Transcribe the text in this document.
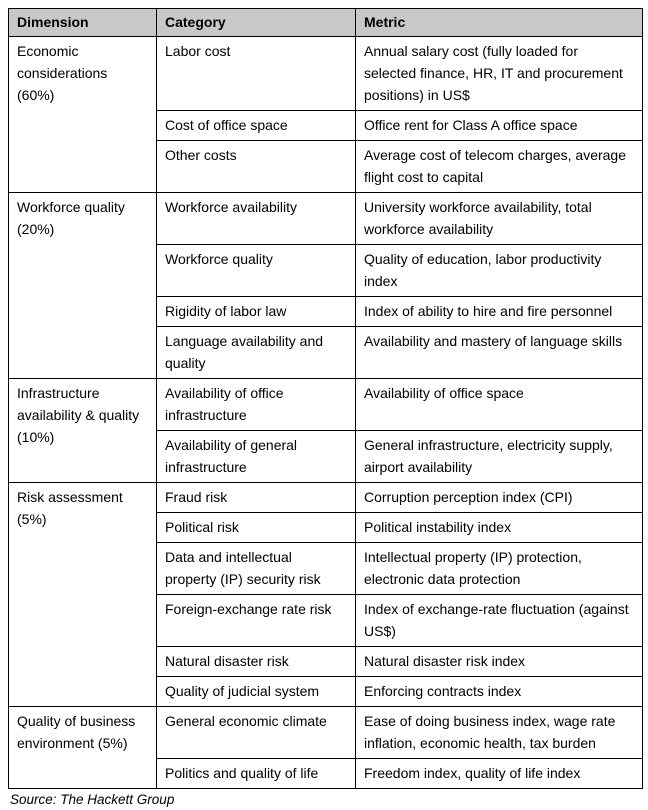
Dimension	Category	Metric
Economic considerations (60%)	Labor cost	Annual salary cost (fully loaded for selected finance, HR, IT and procurement positions) in US$
	Cost of office space	Office rent for Class A office space
	Other costs	Average cost of telecom charges, average flight cost to capital
Workforce quality (20%)	Workforce availability	University workforce availability, total workforce availability
	Workforce quality	Quality of education, labor productivity index
	Rigidity of labor law	Index of ability to hire and fire personnel
	Language availability and quality	Availability and mastery of language skills
Infrastructure availability & quality (10%)	Availability of office infrastructure	Availability of office space
	Availability of general infrastructure	General infrastructure, electricity supply, airport availability
Risk assessment (5%)	Fraud risk	Corruption perception index (CPI)
	Political risk	Political instability index
	Data and intellectual property (IP) security risk	Intellectual property (IP) protection, electronic data protection
	Foreign-exchange rate risk	Index of exchange-rate fluctuation (against US$)
	Natural disaster risk	Natural disaster risk index
	Quality of judicial system	Enforcing contracts index
Quality of business environment (5%)	General economic climate	Ease of doing business index, wage rate inflation, economic health, tax burden
	Politics and quality of life	Freedom index, quality of life index
Source: The Hackett Group
